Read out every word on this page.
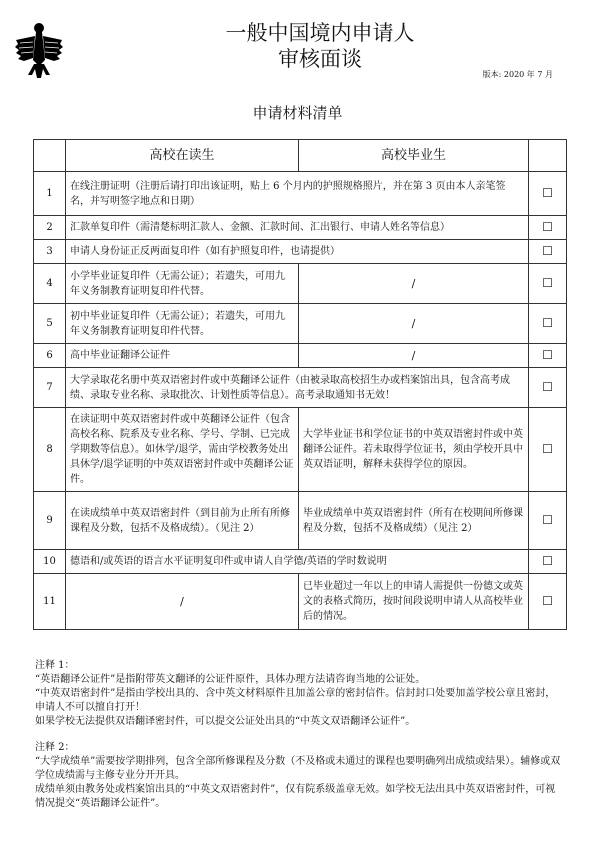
一般中国境内申请人
审核面谈
版本: 2020 年 7 月
申请材料清单
	高校在读生	高校毕业生	
1	在线注册证明（注册后请打印出该证明，贴上 6 个月内的护照规格照片，并在第 3 页由本人亲笔签名，并写明签字地点和日期）		☐
2	汇款单复印件（需清楚标明汇款人、金额、汇款时间、汇出银行、申请人姓名等信息）		☐
3	申请人身份证正反两面复印件（如有护照复印件，也请提供）		☐
4	小学毕业证复印件（无需公证）；若遗失，可用九年义务制教育证明复印件代替。	/	☐
5	初中毕业证复印件（无需公证）；若遗失，可用九年义务制教育证明复印件代替。	/	☐
6	高中毕业证翻译公证件	/	☐
7	大学录取花名册中英双语密封件或中英翻译公证件（由被录取高校招生办或档案馆出具，包含高考成绩、录取专业名称、录取批次、计划性质等信息）。高考录取通知书无效！		☐
8	在读证明中英双语密封件或中英翻译公证件（包含高校名称、院系及专业名称、学号、学制、已完成学期数等信息）。如休学/退学，需由学校教务处出具休学/退学证明的中英双语密封件或中英翻译公证件。	大学毕业证书和学位证书的中英双语密封件或中英翻译公证件。若未取得学位证书，须由学校开具中英双语证明，解释未获得学位的原因。	☐
9	在读成绩单中英双语密封件（到目前为止所有所修课程及分数，包括不及格成绩）。（见注 2）	毕业成绩单中英双语密封件（所有在校期间所修课程及分数，包括不及格成绩）（见注 2）	☐
10	德语和/或英语的语言水平证明复印件或申请人自学德/英语的学时数说明		☐
11	/	已毕业超过一年以上的申请人需提供一份德文或英文的表格式简历，按时间段说明申请人从高校毕业后的情况。	☐

注释 1：

“英语翻译公证件”是指附带英文翻译的公证件原件，具体办理方法请咨询当地的公证处。

“中英双语密封件”是指由学校出具的、含中英文材料原件且加盖公章的密封信件。信封封口处要加盖学校公章且密封，申请人不可以擅自打开！

如果学校无法提供双语翻译密封件，可以提交公证处出具的“中英文双语翻译公证件”。

注释 2：

“大学成绩单”需要按学期排列，包含全部所修课程及分数（不及格或未通过的课程也要明确列出成绩或结果）。辅修或双学位成绩需与主修专业分开开具。

成绩单须由教务处或档案馆出具的“中英文双语密封件”，仅有院系级盖章无效。如学校无法出具中英双语密封件，可视情况提交“英语翻译公证件”。
